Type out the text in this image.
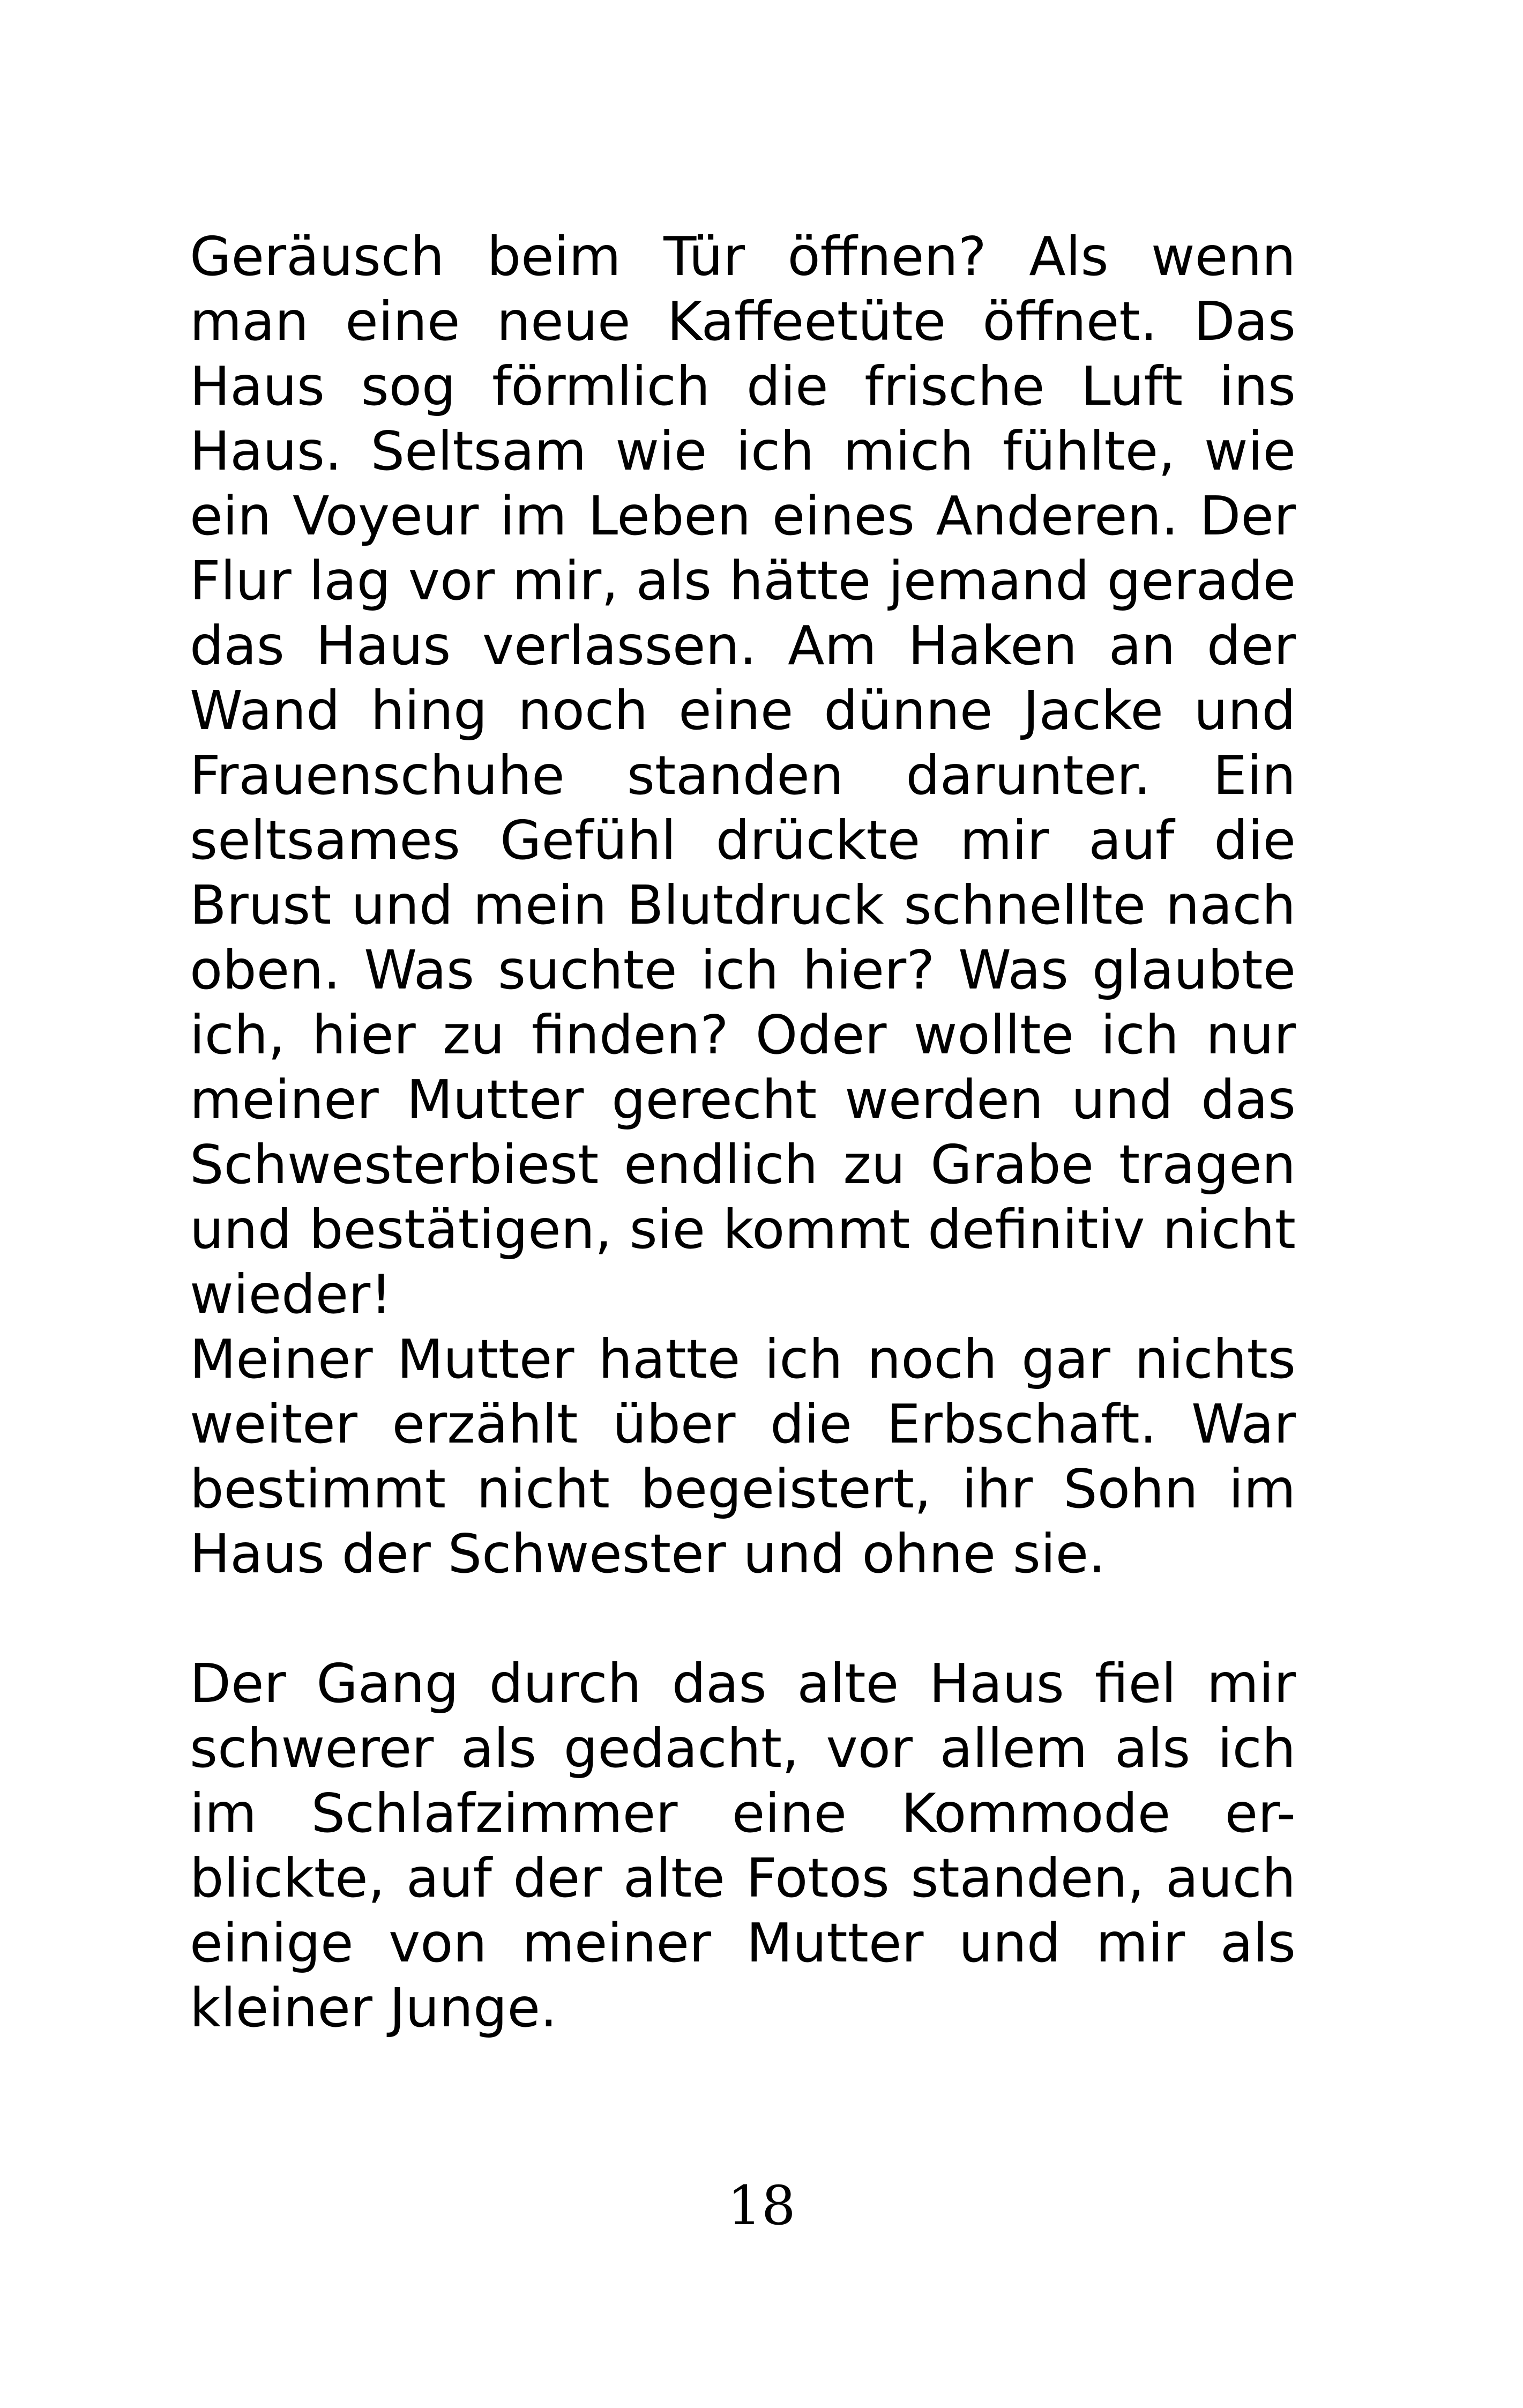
Geräusch beim Tür öffnen? Als wenn
man eine neue Kaffeetüte öffnet. Das
Haus sog förmlich die frische Luft ins
Haus. Seltsam wie ich mich fühlte, wie
ein Voyeur im Leben eines Anderen. Der
Flur lag vor mir, als hätte jemand gerade
das Haus verlassen. Am Haken an der
Wand hing noch eine dünne Jacke und
Frauenschuhe standen darunter. Ein
seltsames Gefühl drückte mir auf die
Brust und mein Blutdruck schnellte nach
oben. Was suchte ich hier? Was glaubte
ich, hier zu finden? Oder wollte ich nur
meiner Mutter gerecht werden und das
Schwesterbiest endlich zu Grabe tragen
und bestätigen, sie kommt definitiv nicht
wieder!

Meiner Mutter hatte ich noch gar nichts
weiter erzählt über die Erbschaft. War
bestimmt nicht begeistert, ihr Sohn im
Haus der Schwester und ohne sie.

Der Gang durch das alte Haus fiel mir
schwerer als gedacht, vor allem als ich
im Schlafzimmer eine Kommode er-
blickte, auf der alte Fotos standen, auch
einige von meiner Mutter und mir als
kleiner Junge.

18
